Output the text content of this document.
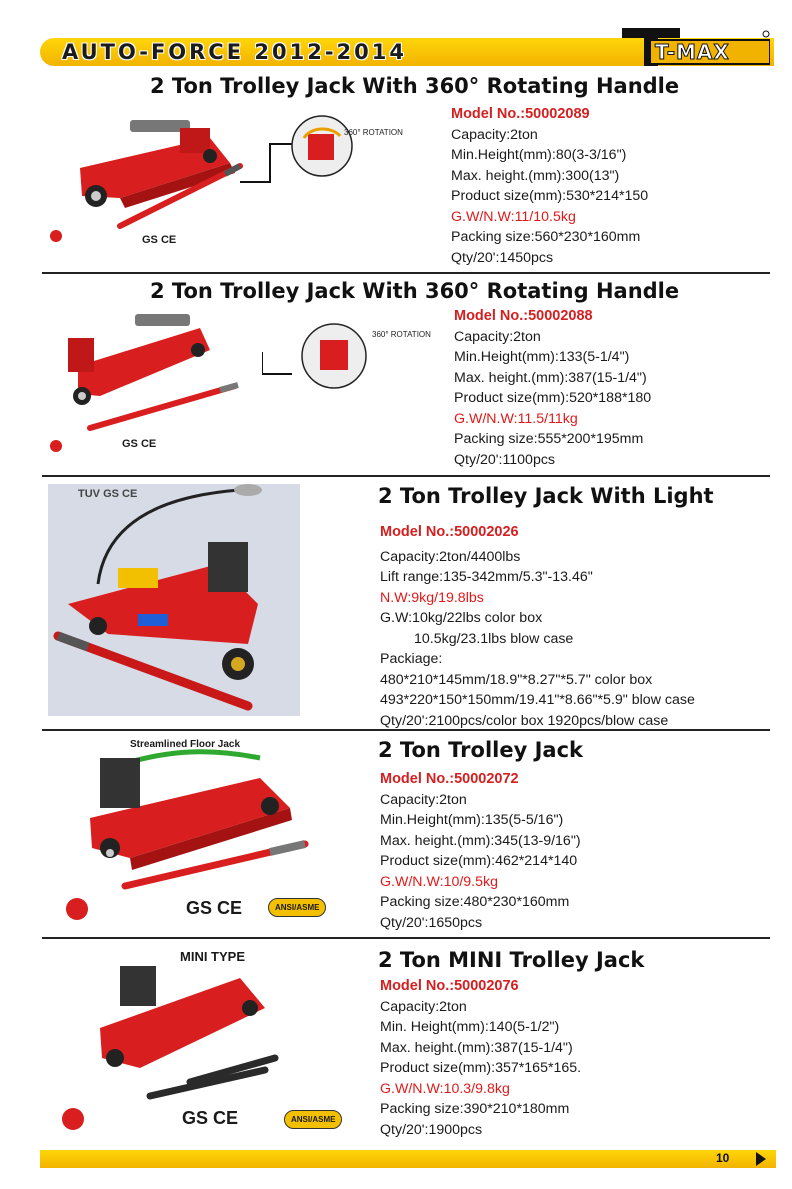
AUTO-FORCE 2012-2014	T-MAX
2 Ton Trolley Jack With 360° Rotating Handle
360° ROTATION
GS CE
Model No.:50002089
Capacity:2ton
Min.Height(mm):80(3-3/16")
Max. height.(mm):300(13")
Product size(mm):530*214*150
G.W/N.W:11/10.5kg
Packing size:560*230*160mm
Qty/20':1450pcs
2 Ton Trolley Jack With 360° Rotating Handle
360° ROTATION
GS CE
Model No.:50002088
Capacity:2ton
Min.Height(mm):133(5-1/4")
Max. height.(mm):387(15-1/4")
Product size(mm):520*188*180
G.W/N.W:11.5/11kg
Packing size:555*200*195mm
Qty/20':1100pcs
TUV GS CE	2 Ton Trolley Jack With Light
Model No.:50002026
Capacity:2ton/4400lbs
Lift range:135-342mm/5.3"-13.46"
N.W:9kg/19.8lbs
G.W:10kg/22lbs color box
10.5kg/23.1lbs blow case
Packiage:
480*210*145mm/18.9"*8.27"*5.7" color box
493*220*150*150mm/19.41"*8.66"*5.9" blow case
Qty/20':2100pcs/color box 1920pcs/blow case
Streamlined Floor Jack
GS CE	ANSI/ASME
2 Ton Trolley Jack
Model No.:50002072
Capacity:2ton
Min.Height(mm):135(5-5/16")
Max. height.(mm):345(13-9/16")
Product size(mm):462*214*140
G.W/N.W:10/9.5kg
Packing size:480*230*160mm
Qty/20':1650pcs
MINI TYPE
GS CE	ANSI/ASME
2 Ton MINI Trolley Jack
Model No.:50002076
Capacity:2ton
Min. Height(mm):140(5-1/2")
Max. height.(mm):387(15-1/4")
Product size(mm):357*165*165.
G.W/N.W:10.3/9.8kg
Packing size:390*210*180mm
Qty/20':1900pcs
10
